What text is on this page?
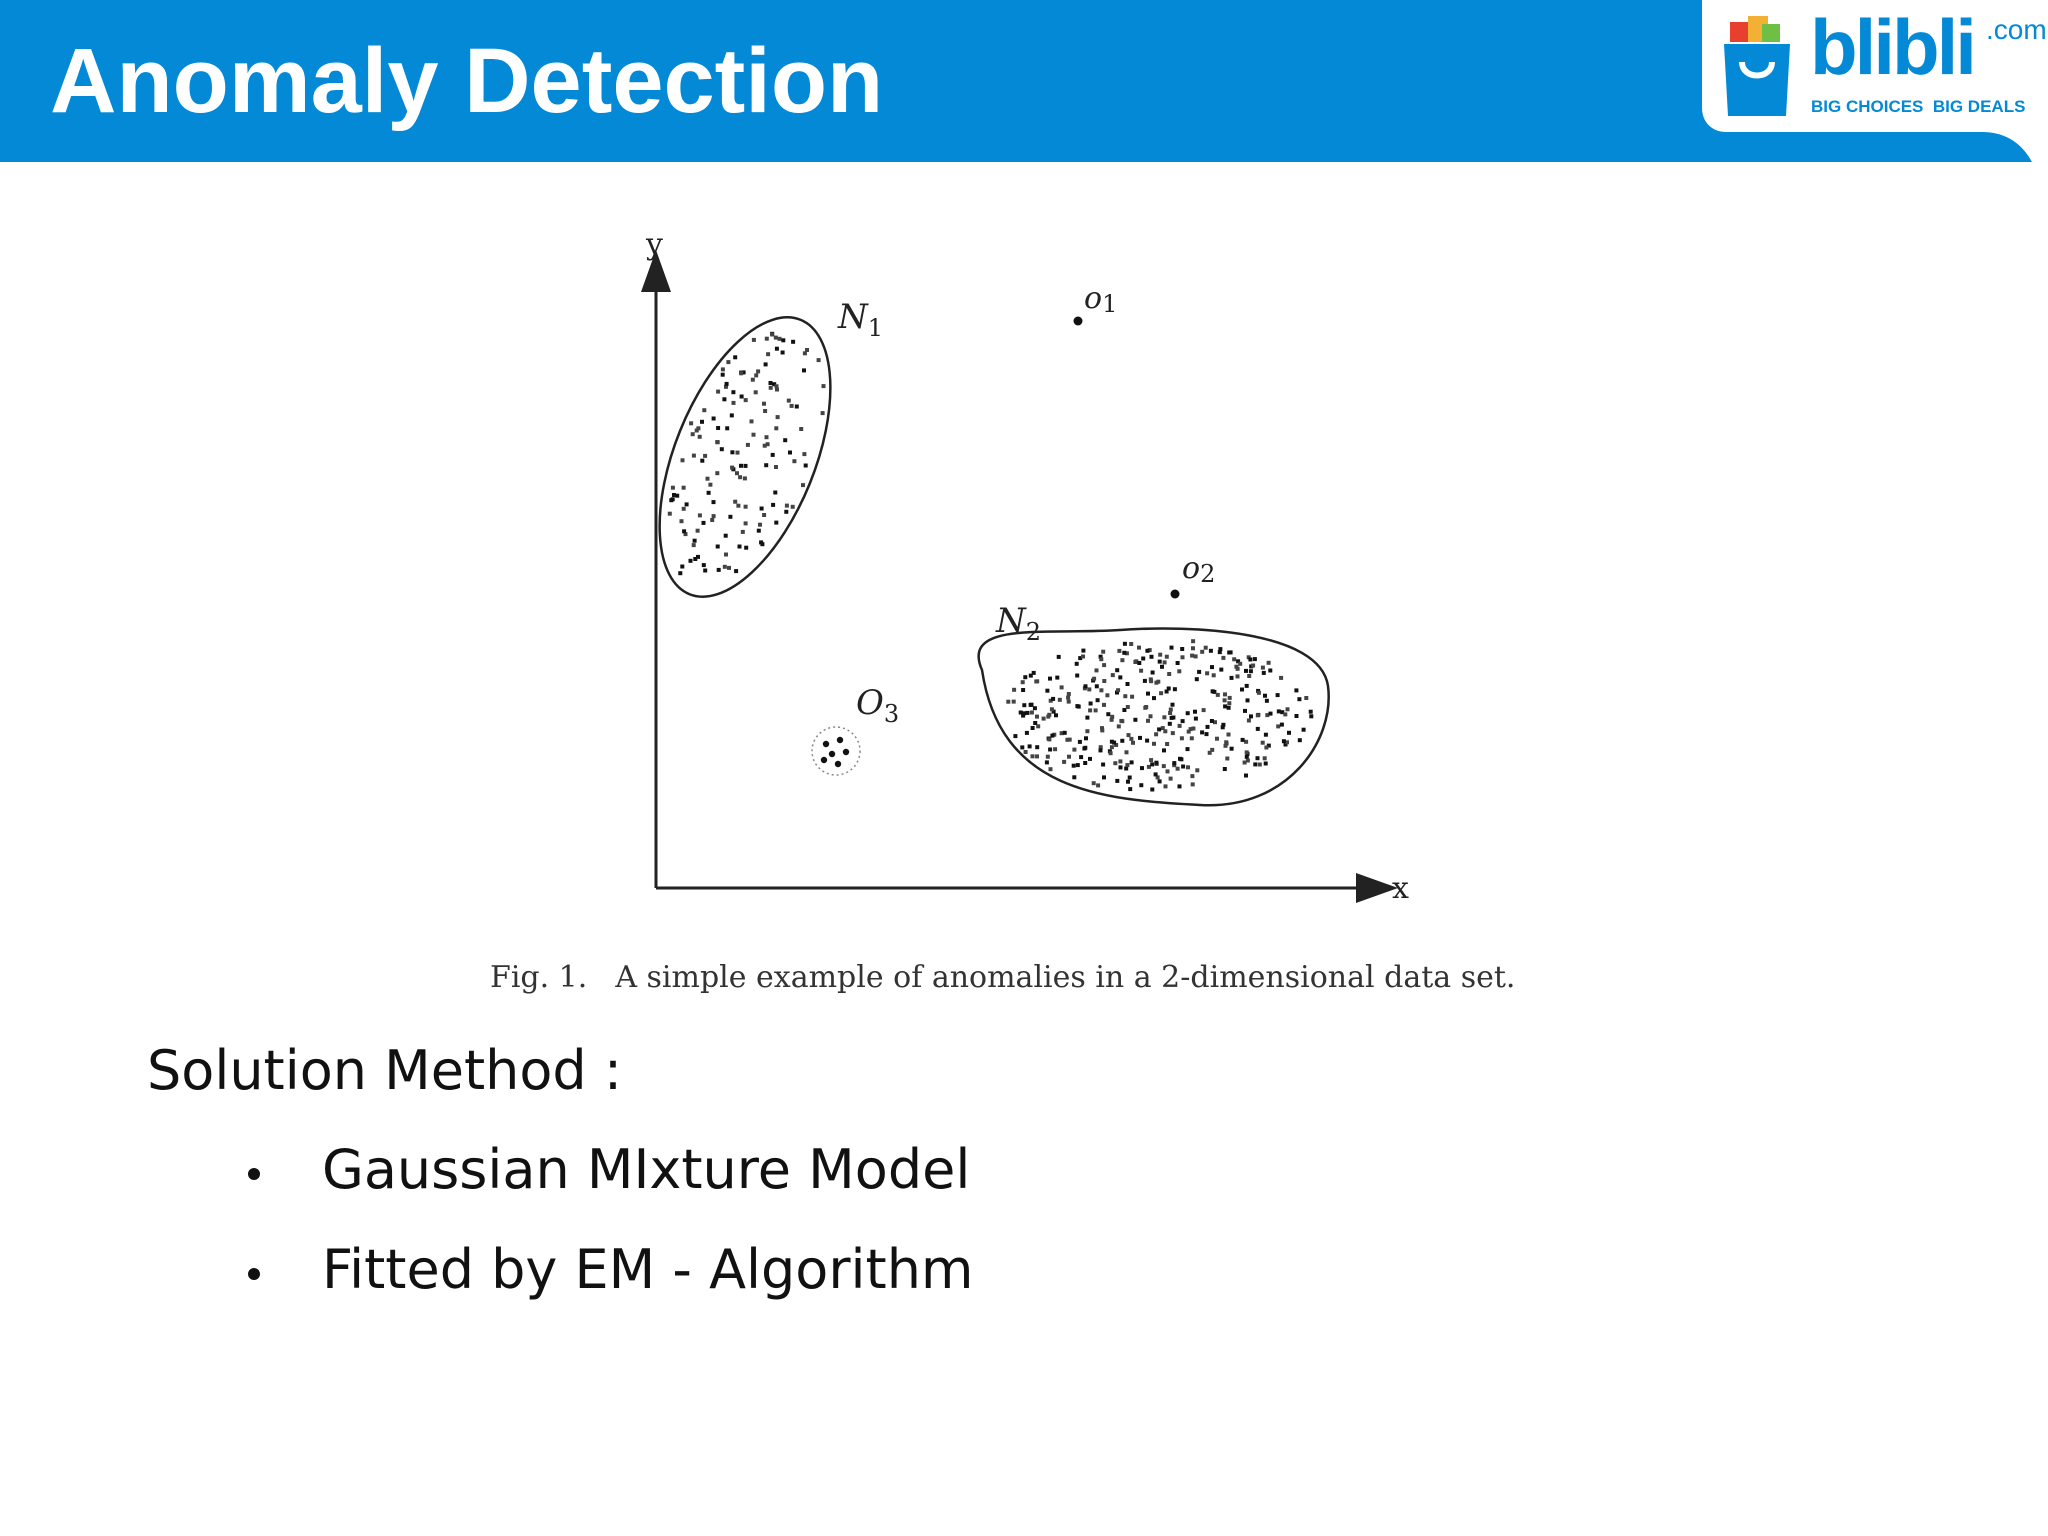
Anomaly Detection	blibli .com
BIG CHOICES BIG DEALS
y
x
$N_1$
$N_2$
o1
o2
$O_3$
Fig. 1. A simple example of anomalies in a 2-dimensional data set.
Solution Method :
Gaussian MIxture Model
Fitted by EM - Algorithm
